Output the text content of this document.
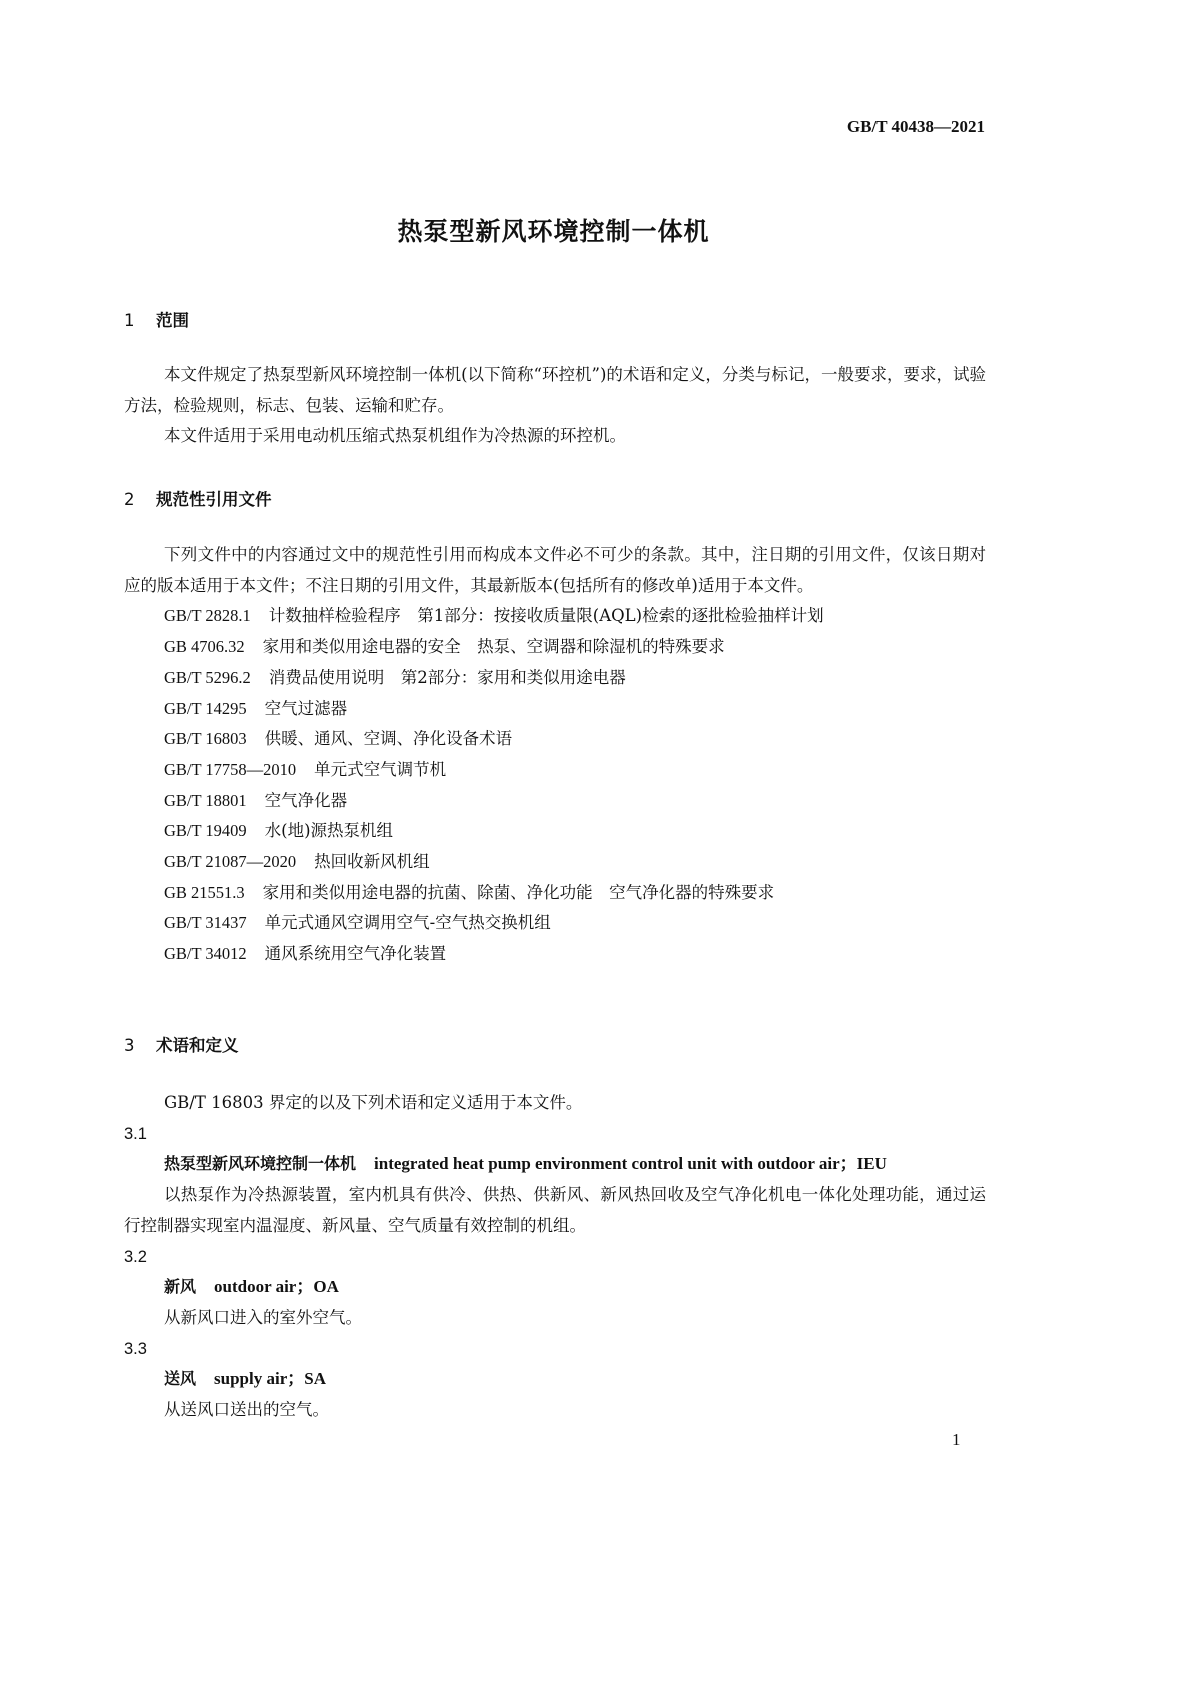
GB/T 40438—2021
热泵型新风环境控制一体机
1 范围

本文件规定了热泵型新风环境控制一体机(以下简称“环控机”)的术语和定义，分类与标记，一般要求，要求，试验方法，检验规则，标志、包装、运输和贮存。

本文件适用于采用电动机压缩式热泵机组作为冷热源的环控机。

2 规范性引用文件

下列文件中的内容通过文中的规范性引用而构成本文件必不可少的条款。其中，注日期的引用文件，仅该日期对应的版本适用于本文件；不注日期的引用文件，其最新版本(包括所有的修改单)适用于本文件。

GB/T 2828.1 计数抽样检验程序　第1部分：按接收质量限(AQL)检索的逐批检验抽样计划
GB 4706.32 家用和类似用途电器的安全　热泵、空调器和除湿机的特殊要求
GB/T 5296.2 消费品使用说明　第2部分：家用和类似用途电器
GB/T 14295 空气过滤器
GB/T 16803 供暖、通风、空调、净化设备术语
GB/T 17758—2010 单元式空气调节机
GB/T 18801 空气净化器
GB/T 19409 水(地)源热泵机组
GB/T 21087—2020 热回收新风机组
GB 21551.3 家用和类似用途电器的抗菌、除菌、净化功能　空气净化器的特殊要求
GB/T 31437 单元式通风空调用空气-空气热交换机组
GB/T 34012 通风系统用空气净化装置
3 术语和定义

GB/T 16803 界定的以及下列术语和定义适用于本文件。

3.1
热泵型新风环境控制一体机 integrated heat pump environment control unit with outdoor air；IEU

以热泵作为冷热源装置，室内机具有供冷、供热、供新风、新风热回收及空气净化机电一体化处理功能，通过运行控制器实现室内温湿度、新风量、空气质量有效控制的机组。

3.2
新风 outdoor air；OA

从新风口进入的室外空气。

3.3
送风 supply air；SA

从送风口送出的空气。

1
